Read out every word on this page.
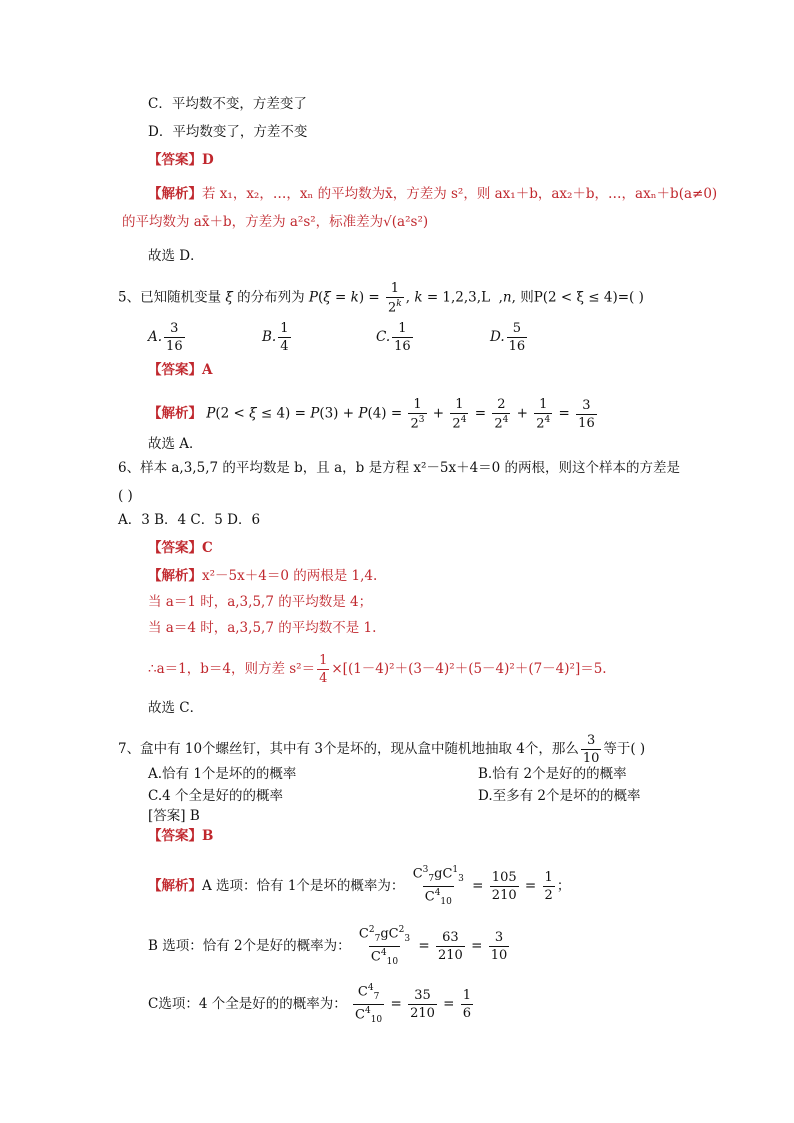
C．平均数不变，方差变了
D．平均数变了，方差不变
【答案】D
【解析】若 x₁，x₂，…，xₙ 的平均数为x̄，方差为 s²，则 ax₁＋b，ax₂＋b，…，axₙ＋b(a≠0)
的平均数为 ax̄＋b，方差为 a²s²，标准差为√(a²s²)
故选 D．
5、已知随机变量 ξ 的分布列为 $P(\xi = k) = \frac{1}{2^k}$ , k = 1,2,3,L  ,n, 则P(2 < ξ ≤ 4)=( )
A. $\frac{3}{16}$	B. $\frac{1}{4}$	C. $\frac{1}{16}$	D. $\frac{5}{16}$
【答案】A
【解析】 $P(2 < \xi \le 4) = P(3) + P(4) = \frac{1}{2^3} + \frac{1}{2^4} = \frac{2}{2^4} + \frac{1}{2^4} = \frac{3}{16}$
故选 A．
6、样本 a,3,5,7 的平均数是 b，且 a，b 是方程 x²－5x＋4＝0 的两根，则这个样本的方差是
( )
A．3 B．4 C．5 D．6
【答案】C
【解析】x²－5x＋4＝0 的两根是 1,4.
当 a＝1 时，a,3,5,7 的平均数是 4；
当 a＝4 时，a,3,5,7 的平均数不是 1.
∴a＝1，b＝4，则方差 $s^2= \frac{1}{4} \times[(1-4)^2+(3-4)^2+(5-4)^2+(7-4)^2]=5$.
故选 C．
7、盒中有 10个螺丝钉，其中有 3个是坏的，现从盒中随机地抽取 4个，那么 $\frac{3}{10}$ 等于( )
A.恰有 1个是坏的的概率	B.恰有 2个是好的的概率
C.4 个全是好的的概率	D.至多有 2个是坏的的概率
[答案] B
【答案】B
【解析】A 选项：恰有 1个是坏的概率为： $\frac{C^3_7gC^1_3}{C^4_{10}} = \frac{105}{210} = \frac{1}{2}$ ；
B 选项：恰有 2个是好的概率为： $\frac{C^2_7gC^2_3}{C^4_{10}} = \frac{63}{210} = \frac{3}{10}$
C选项：4 个全是好的的概率为： $\frac{C^4_7}{C^4_{10}} = \frac{35}{210} = \frac{1}{6}$
